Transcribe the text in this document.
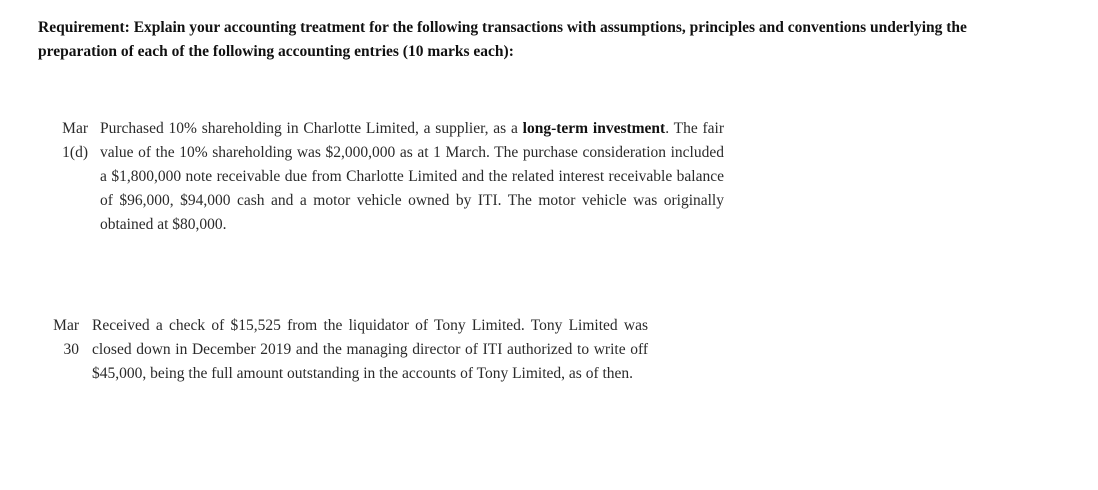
Requirement: Explain your accounting treatment for the following transactions with assumptions, principles and conventions underlying the preparation of each of the following accounting entries (10 marks each):
Mar
1(d)
Purchased 10% shareholding in Charlotte Limited, a supplier, as a long-term investment. The fair value of the 10% shareholding was $2,000,000 as at 1 March. The purchase consideration included a $1,800,000 note receivable due from Charlotte Limited and the related interest receivable balance of $96,000, $94,000 cash and a motor vehicle owned by ITI. The motor vehicle was originally obtained at $80,000.
Mar
30
Received a check of $15,525 from the liquidator of Tony Limited. Tony Limited was closed down in December 2019 and the managing director of ITI authorized to write off $45,000, being the full amount outstanding in the accounts of Tony Limited, as of then.
